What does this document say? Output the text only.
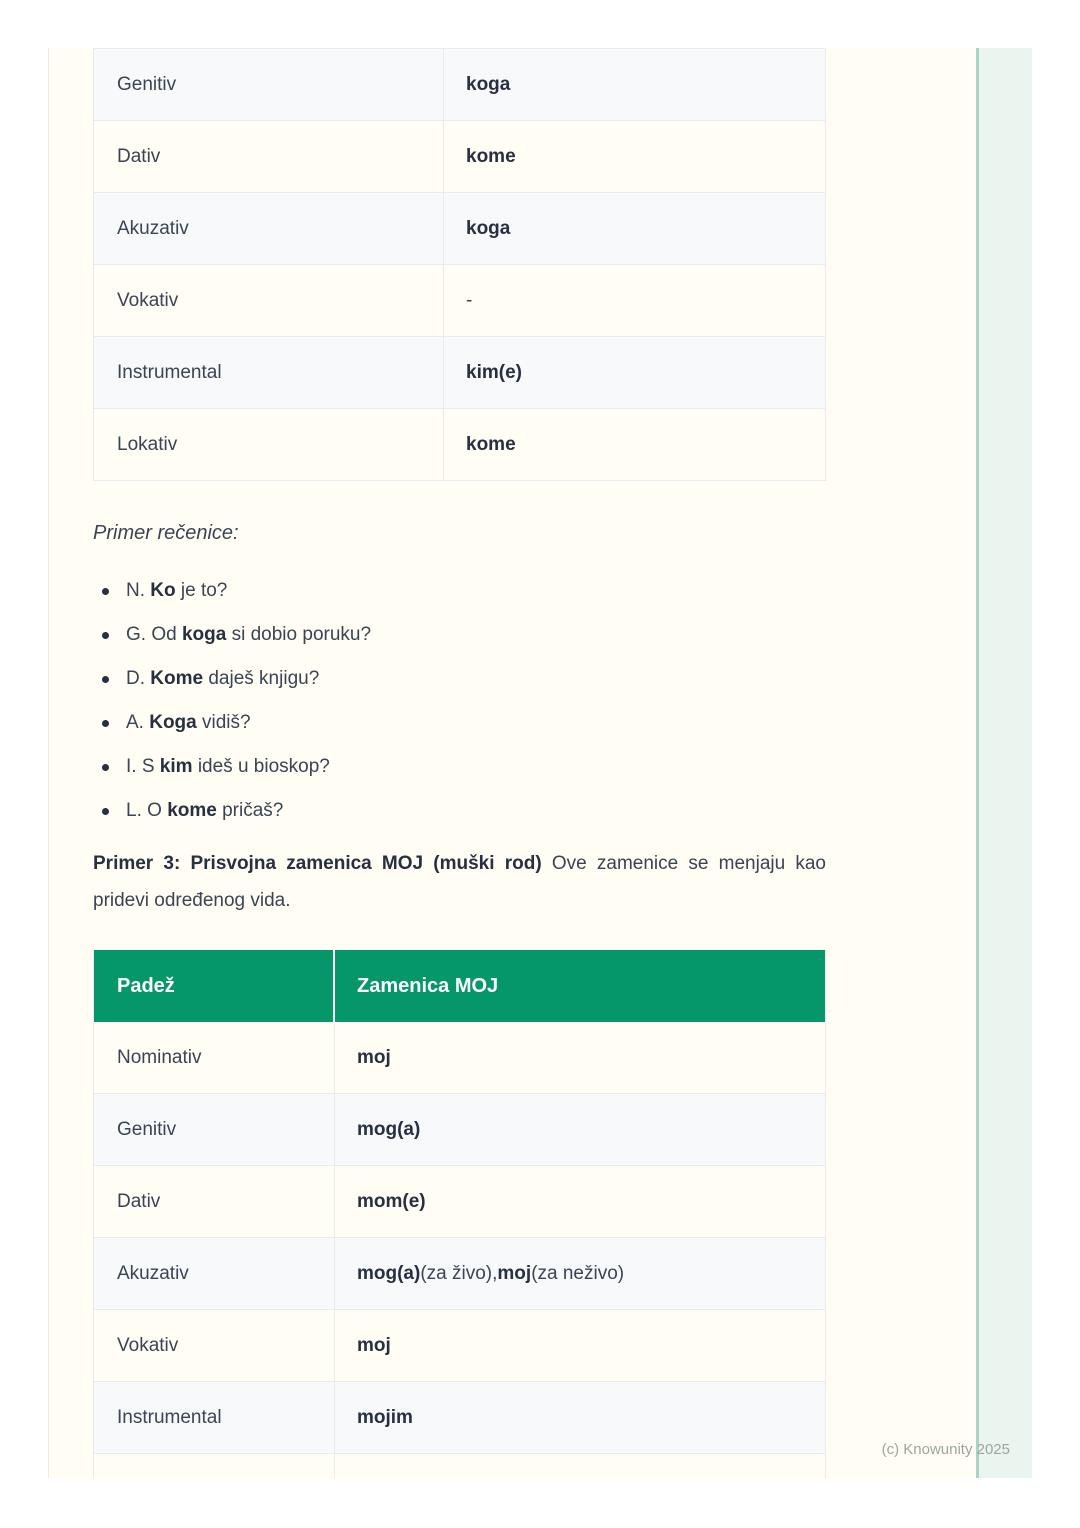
Genitiv	koga
Dativ	kome
Akuzativ	koga
Vokativ	-
Instrumental	kim(e)
Lokativ	kome
Primer rečenice:
N. Ko je to?
G. Od koga si dobio poruku?
D. Kome daješ knjigu?
A. Koga vidiš?
I. S kim ideš u bioskop?
L. O kome pričaš?
Primer 3: Prisvojna zamenica MOJ (muški rod) Ove zamenice se menjaju kao pridevi određenog vida.
Padež	Zamenica MOJ
Nominativ	moj
Genitiv	mog(a)
Dativ	mom(e)
Akuzativ	mog(a) (za živo), moj (za neživo)
Vokativ	moj
Instrumental	mojim
(c) Knowunity 2025
